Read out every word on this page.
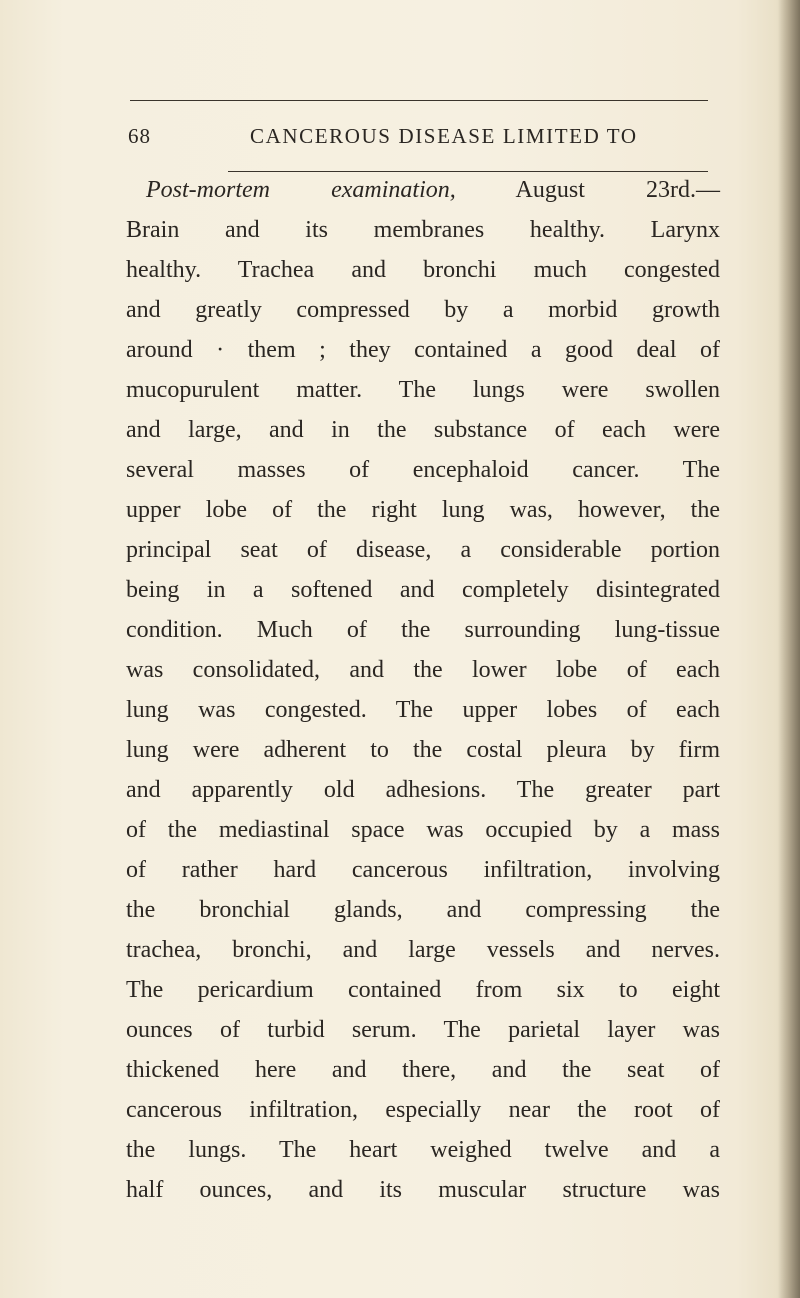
68	CANCEROUS DISEASE LIMITED TO
Post-mortem examination, August 23rd.—
Brain and its membranes healthy. Larynx
healthy. Trachea and bronchi much congested
and greatly compressed by a morbid growth
around · them ; they contained a good deal of
mucopurulent matter. The lungs were swollen
and large, and in the substance of each were
several masses of encephaloid cancer. The
upper lobe of the right lung was, however, the
principal seat of disease, a considerable portion
being in a softened and completely disintegrated
condition. Much of the surrounding lung-tissue
was consolidated, and the lower lobe of each
lung was congested. The upper lobes of each
lung were adherent to the costal pleura by firm
and apparently old adhesions. The greater part
of the mediastinal space was occupied by a mass
of rather hard cancerous infiltration, involving
the bronchial glands, and compressing the
trachea, bronchi, and large vessels and nerves.
The pericardium contained from six to eight
ounces of turbid serum. The parietal layer was
thickened here and there, and the seat of
cancerous infiltration, especially near the root of
the lungs. The heart weighed twelve and a
half ounces, and its muscular structure was
